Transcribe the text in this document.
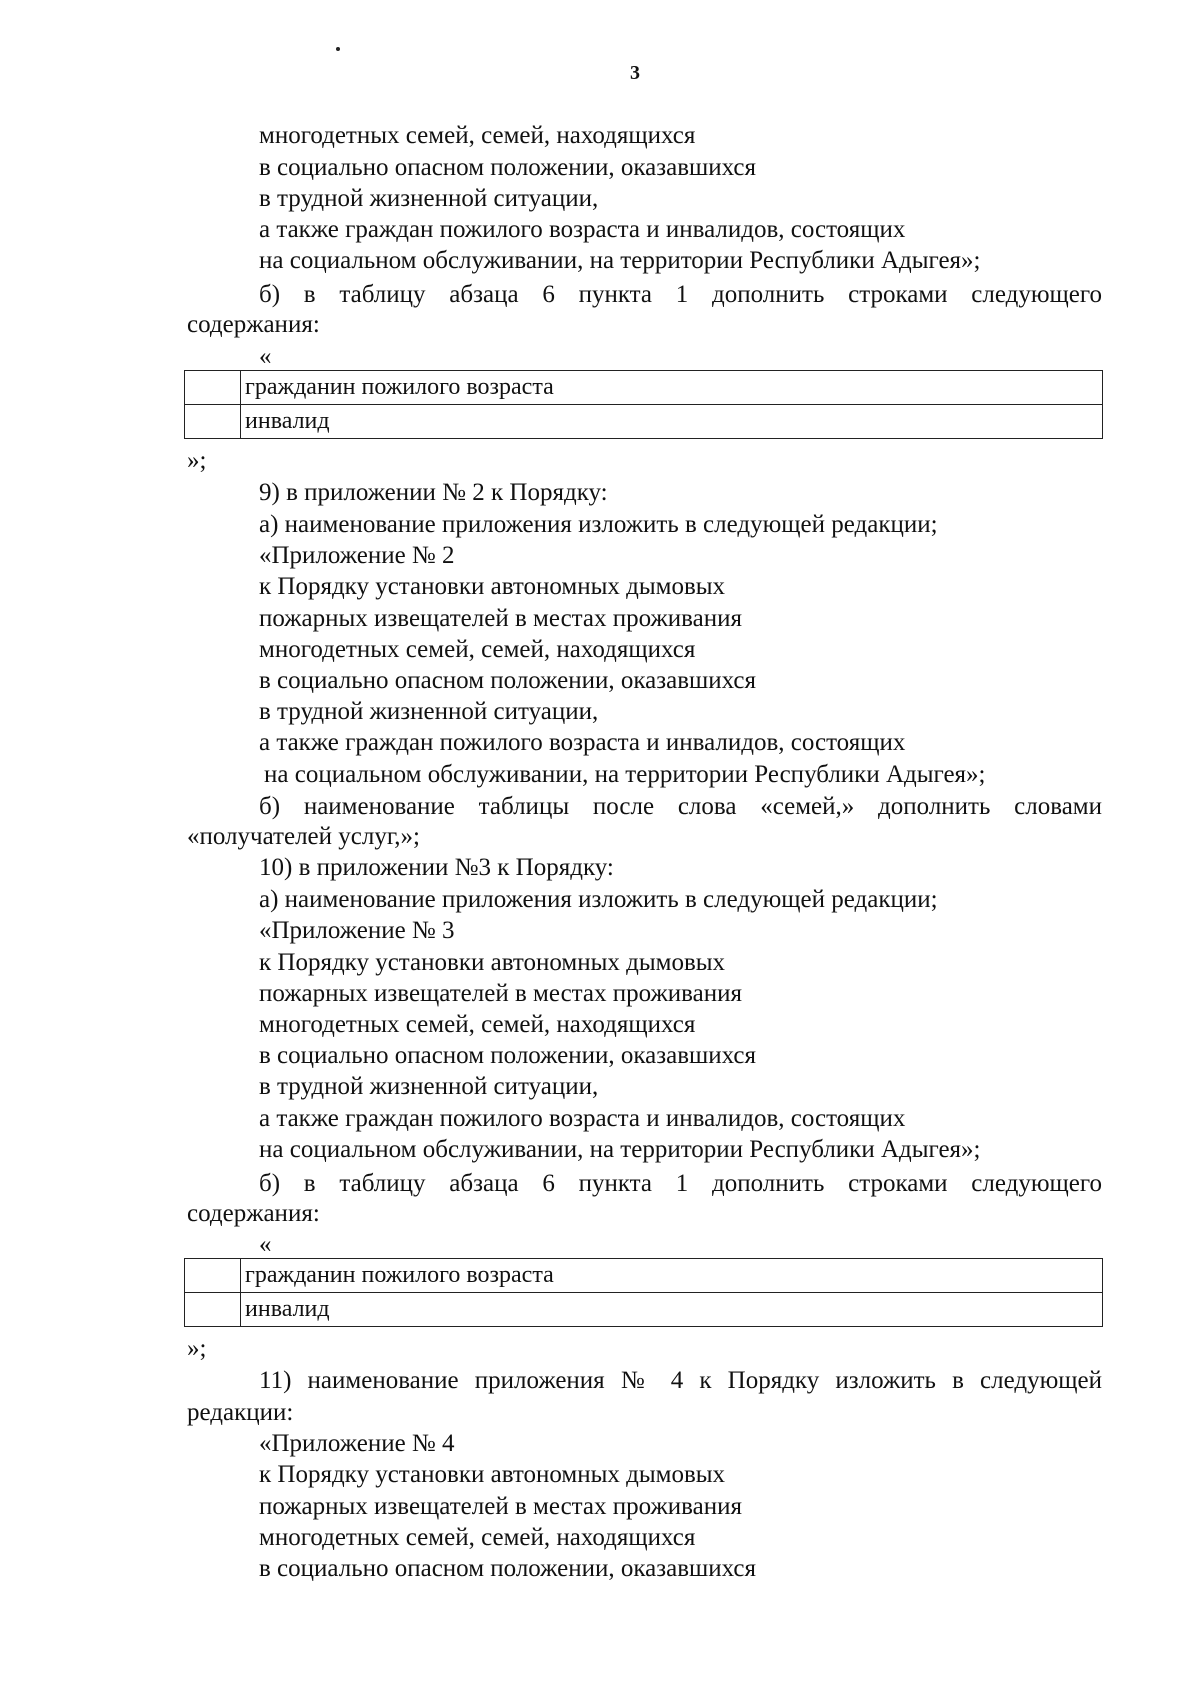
3
многодетных семей, семей, находящихся
в социально опасном положении, оказавшихся
в трудной жизненной ситуации,
а также граждан пожилого возраста и инвалидов, состоящих
на социальном обслуживании, на территории Республики Адыгея»;
б) в таблицу абзаца 6 пункта 1 дополнить строками следующего
содержания:
«
	гражданин пожилого возраста
	инвалид
»;
9) в приложении № 2 к Порядку:
а) наименование приложения изложить в следующей редакции;
«Приложение № 2
к Порядку установки автономных дымовых
пожарных извещателей в местах проживания
многодетных семей, семей, находящихся
в социально опасном положении, оказавшихся
в трудной жизненной ситуации,
а также граждан пожилого возраста и инвалидов, состоящих
на социальном обслуживании, на территории Республики Адыгея»;
б) наименование таблицы после слова «семей,» дополнить словами
«получателей услуг,»;
10) в приложении №3 к Порядку:
а) наименование приложения изложить в следующей редакции;
«Приложение № 3
к Порядку установки автономных дымовых
пожарных извещателей в местах проживания
многодетных семей, семей, находящихся
в социально опасном положении, оказавшихся
в трудной жизненной ситуации,
а также граждан пожилого возраста и инвалидов, состоящих
на социальном обслуживании, на территории Республики Адыгея»;
б) в таблицу абзаца 6 пункта 1 дополнить строками следующего
содержания:
«
	гражданин пожилого возраста
	инвалид
»;
11) наименование приложения № 4 к Порядку изложить в следующей
редакции:
«Приложение № 4
к Порядку установки автономных дымовых
пожарных извещателей в местах проживания
многодетных семей, семей, находящихся
в социально опасном положении, оказавшихся
